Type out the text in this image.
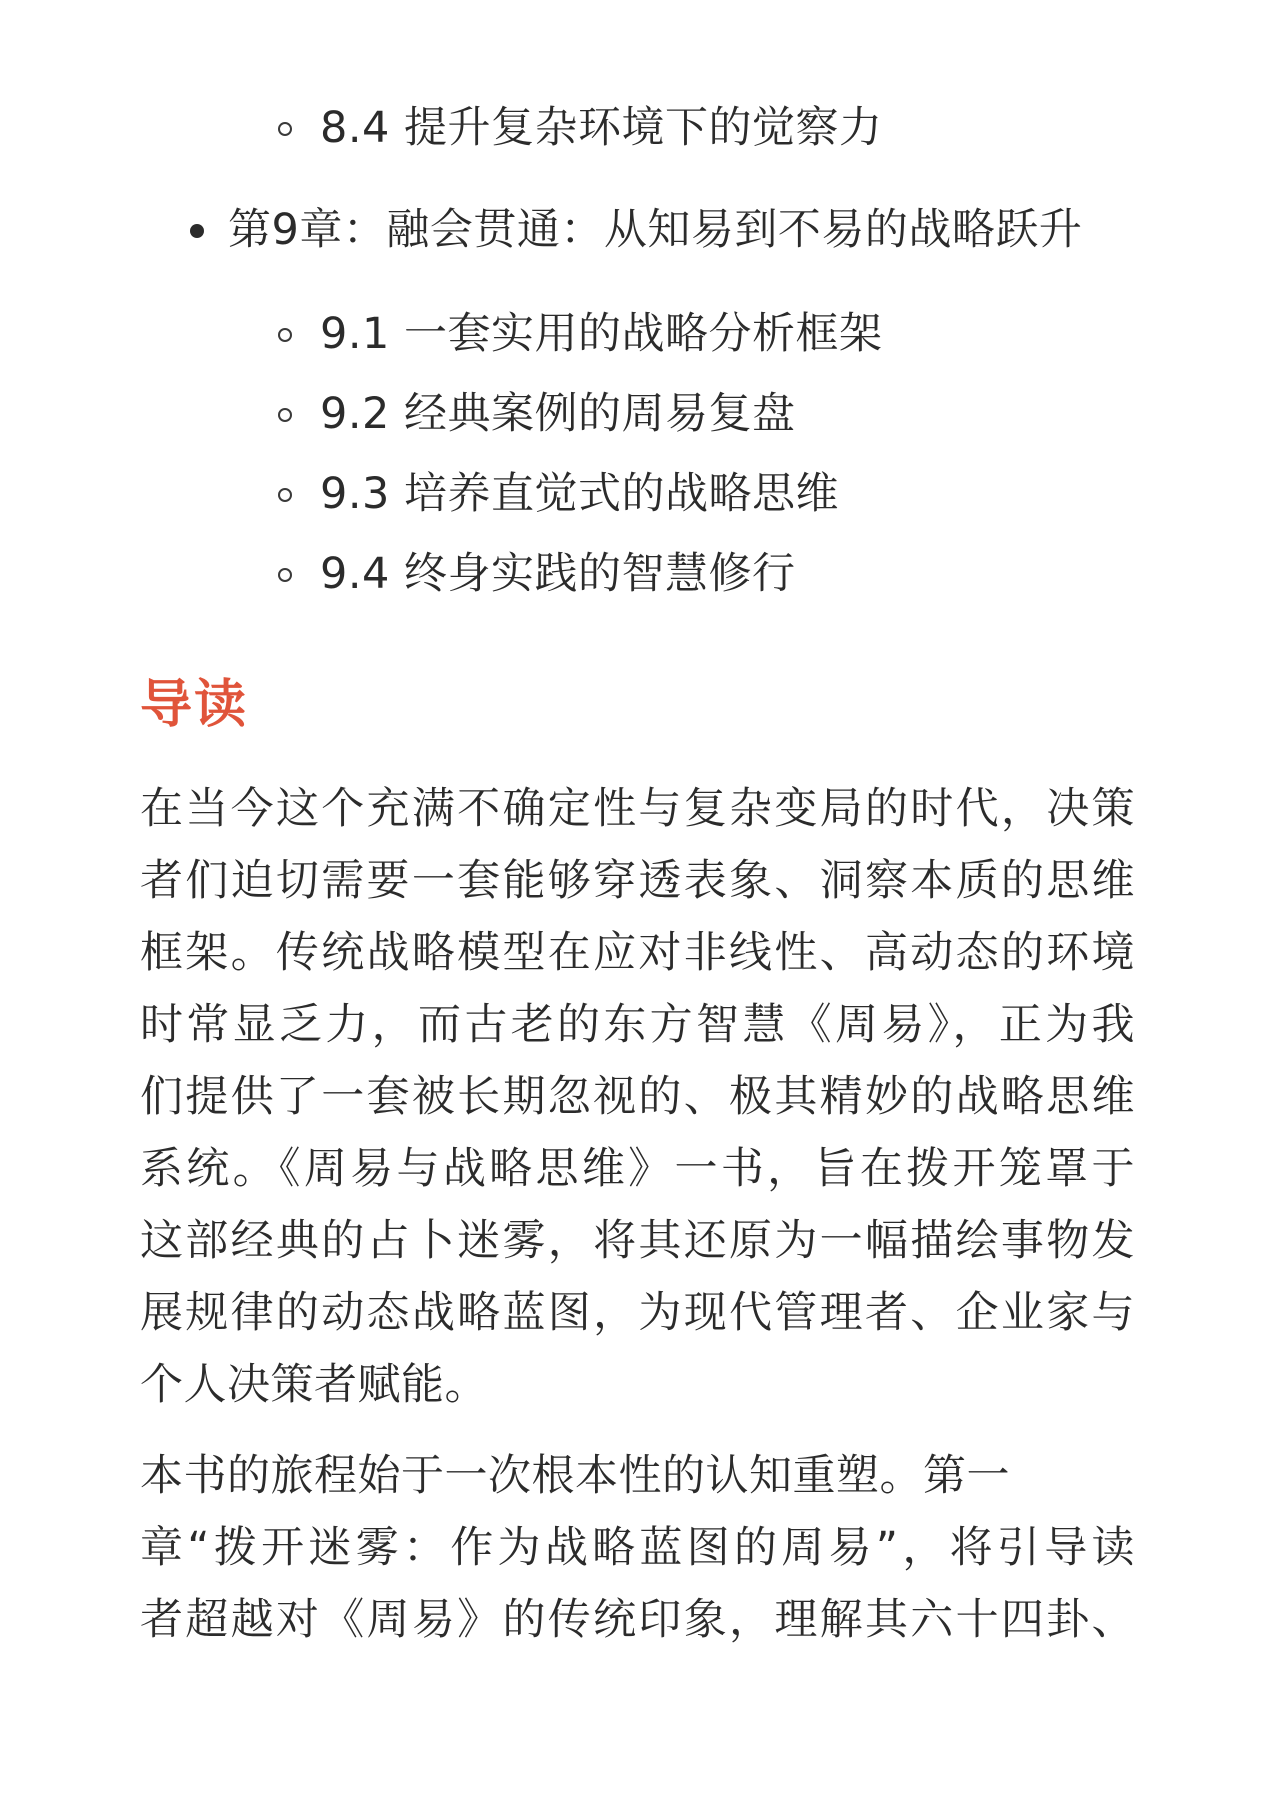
8.4 提升复杂环境下的觉察力
第9章：融会贯通：从知易到不易的战略跃升
9.1 一套实用的战略分析框架
9.2 经典案例的周易复盘
9.3 培养直觉式的战略思维
9.4 终身实践的智慧修行
导读
在当今这个充满不确定性与复杂变局的时代，决策
者们迫切需要一套能够穿透表象、洞察本质的思维
框架。传统战略模型在应对非线性、高动态的环境
时常显乏力，而古老的东方智慧《周易》，正为我
们提供了一套被长期忽视的、极其精妙的战略思维
系统。《周易与战略思维》一书，旨在拨开笼罩于
这部经典的占卜迷雾，将其还原为一幅描绘事物发
展规律的动态战略蓝图，为现代管理者、企业家与
个人决策者赋能。
本书的旅程始于一次根本性的认知重塑。第一
章“拨开迷雾：作为战略蓝图的周易”，将引导读
者超越对《周易》的传统印象，理解其六十四卦、
